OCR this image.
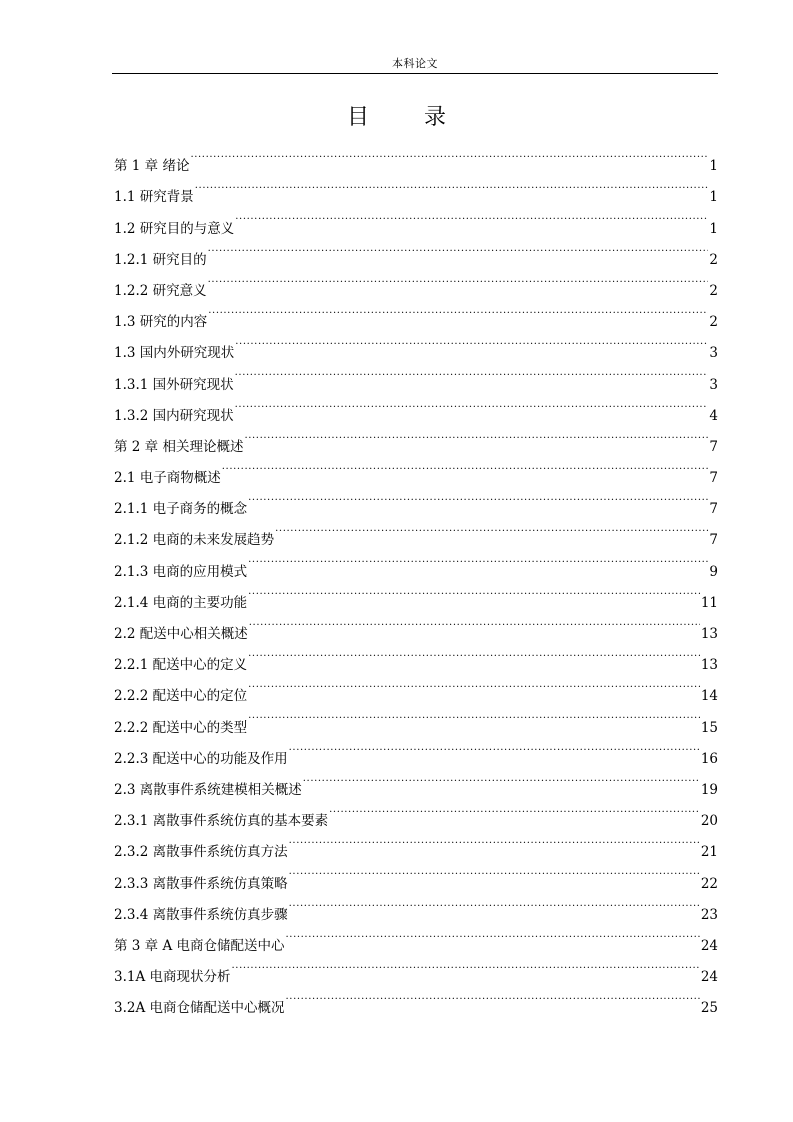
本科论文
目 录
第 1 章 绪论 .....	1
1.1 研究背景 .....	1
1.2 研究目的与意义 .....	1
1.2.1 研究目的 .....	2
1.2.2 研究意义 .....	2
1.3 研究的内容 .....	2
1.3 国内外研究现状 .....	3
1.3.1 国外研究现状 .....	3
1.3.2 国内研究现状 .....	4
第 2 章 相关理论概述 .....	7
2.1 电子商物概述 .....	7
2.1.1 电子商务的概念 .....	7
2.1.2 电商的未来发展趋势 .....	7
2.1.3 电商的应用模式 .....	9
2.1.4 电商的主要功能 .....	11
2.2 配送中心相关概述 .....	13
2.2.1 配送中心的定义 .....	13
2.2.2 配送中心的定位 .....	14
2.2.2 配送中心的类型 .....	15
2.2.3 配送中心的功能及作用 .....	16
2.3 离散事件系统建模相关概述 .....	19
2.3.1 离散事件系统仿真的基本要素 .....	20
2.3.2 离散事件系统仿真方法 .....	21
2.3.3 离散事件系统仿真策略 .....	22
2.3.4 离散事件系统仿真步骤 .....	23
第 3 章 A 电商仓储配送中心 .....	24
3.1A 电商现状分析 .....	24
3.2A 电商仓储配送中心概况 .....	25
